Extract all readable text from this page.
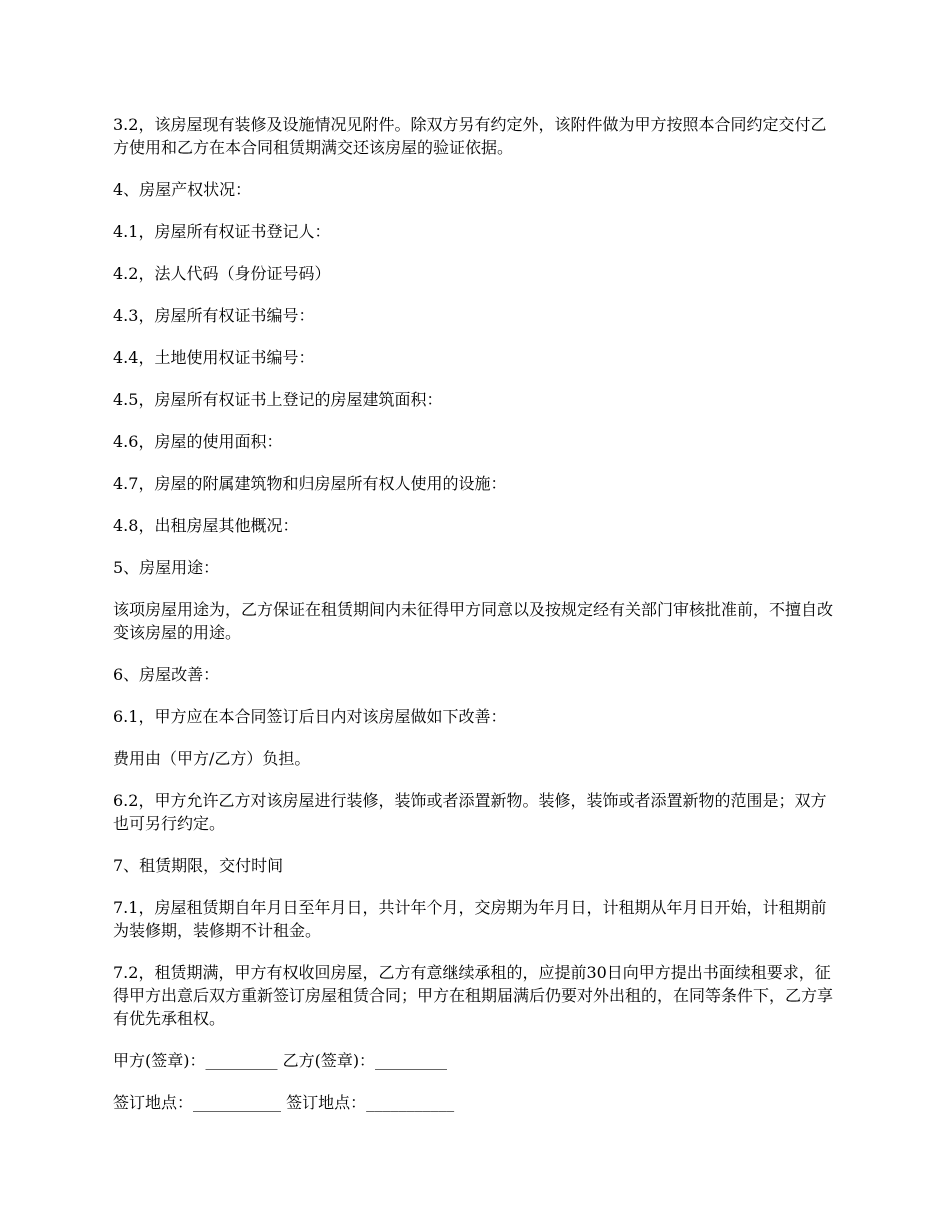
3.2，该房屋现有装修及设施情况见附件。除双方另有约定外，该附件做为甲方按照本合同约定交付乙方使用和乙方在本合同租赁期满交还该房屋的验证依据。

4、房屋产权状况：

4.1，房屋所有权证书登记人：

4.2，法人代码（身份证号码）

4.3，房屋所有权证书编号：

4.4，土地使用权证书编号：

4.5，房屋所有权证书上登记的房屋建筑面积：

4.6，房屋的使用面积：

4.7，房屋的附属建筑物和归房屋所有权人使用的设施：

4.8，出租房屋其他概况：

5、房屋用途：

该项房屋用途为，乙方保证在租赁期间内未征得甲方同意以及按规定经有关部门审核批准前，不擅自改变该房屋的用途。

6、房屋改善：

6.1，甲方应在本合同签订后日内对该房屋做如下改善：

费用由（甲方/乙方）负担。

6.2，甲方允许乙方对该房屋进行装修，装饰或者添置新物。装修，装饰或者添置新物的范围是；双方也可另行约定。

7、租赁期限，交付时间

7.1，房屋租赁期自年月日至年月日，共计年个月，交房期为年月日，计租期从年月日开始，计租期前为装修期，装修期不计租金。

7.2，租赁期满，甲方有权收回房屋，乙方有意继续承租的，应提前30日向甲方提出书面续租要求，征得甲方出意后双方重新签订房屋租赁合同；甲方在租期届满后仍要对外出租的，在同等条件下，乙方享有优先承租权。

甲方(签章)：_________ 乙方(签章)：_________

签订地点：___________ 签订地点：___________
